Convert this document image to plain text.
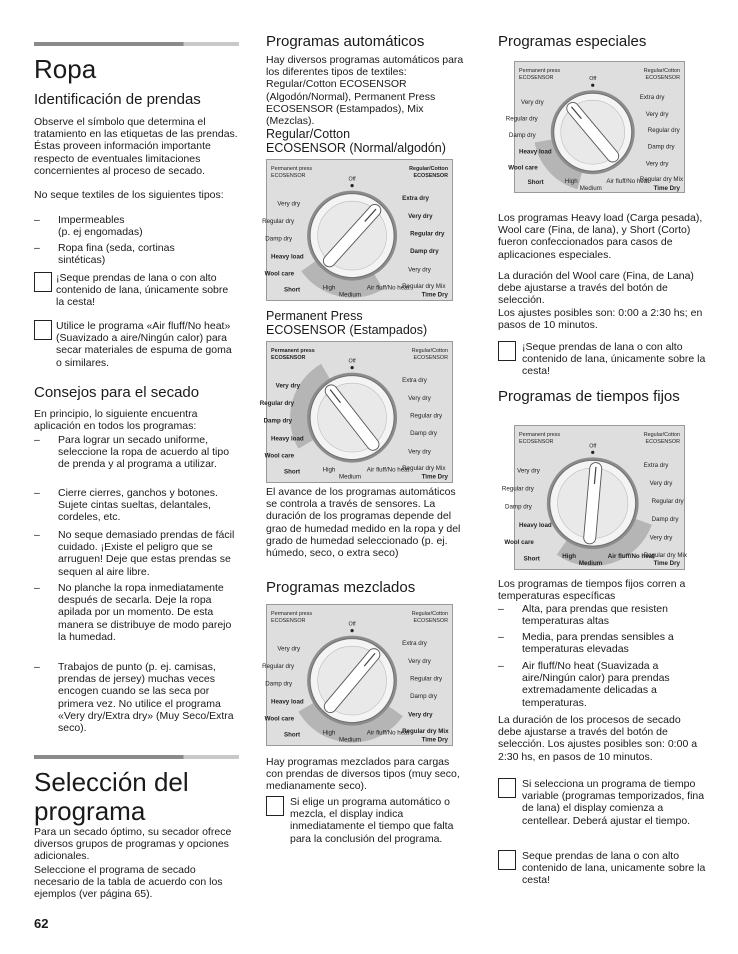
Ropa
Identificación de prendas

Observe el símbolo que determina el tratamiento en las etiquetas de las prendas. Éstas proveen información importante respecto de eventuales limitaciones concernientes al proceso de secado.

No seque textiles de los siguientes tipos:

– Impermeables
(p. ej engomadas)
– Ropa fina (seda, cortinas sintéticas)
¡Seque prendas de lana o con alto contenido de lana, únicamente sobre la cesta!
Utilice le programa «Air fluff/No heat» (Suavizado a aire/Ningún calor) para secar materiales de espuma de goma o similares.
Consejos para el secado

En principio, lo siguiente encuentra aplicación en todos los programas:

– Para lograr un secado uniforme, seleccione la ropa de acuerdo al tipo de prenda y al programa a utilizar.
– Cierre cierres, ganchos y botones. Sujete cintas sueltas, delantales, cordeles, etc.
– No seque demasiado prendas de fácil cuidado. ¡Existe el peligro que se arruguen! Deje que estas prendas se sequen al aire libre.
– No planche la ropa inmediatamente después de secarla. Deje la ropa apilada por un momento. De esta manera se distribuye de modo parejo la humedad.
– Trabajos de punto (p. ej. camisas, prendas de jersey) muchas veces encogen cuando se las seca por primera vez. No utilice el programa «Very dry/Extra dry» (Muy Seco/Extra seco).
Selección del
programa

Para un secado óptimo, su secador ofrece diversos grupos de programas y opciones adicionales.

Seleccione el programa de secado necesario de la tabla de acuerdo con los ejemplos (ver página 65).

Programas automáticos

Hay diversos programas automáticos para los diferentes tipos de textiles: Regular/Cotton ECOSENSOR (Algodón/Normal), Permanent Press ECOSENSOR (Estampados), Mix (Mezclas).

Regular/Cotton
ECOSENSOR (Normal/algodón)
Permanent press
ECOSENSOR
Regular/Cotton
ECOSENSOR
Off
Very dry
Regular dry
Damp dry
Heavy load
Wool care
Short
Extra dry
Very dry
Regular dry
Damp dry
Very dry
Regular dry Mix
High
Medium
Air fluff/No heat
Time Dry
Permanent Press
ECOSENSOR (Estampados)
Permanent press
ECOSENSOR
Regular/Cotton
ECOSENSOR
Off
Very dry
Regular dry
Damp dry
Heavy load
Wool care
Short
Extra dry
Very dry
Regular dry
Damp dry
Very dry
Regular dry Mix
High
Medium
Air fluff/No heat
Time Dry

El avance de los programas automáticos se controla a través de sensores. La duración de los programas depende del grao de humedad medido en la ropa y del grado de humedad seleccionado (p. ej. húmedo, seco, o extra seco)

Programas mezclados
Permanent press
ECOSENSOR
Regular/Cotton
ECOSENSOR
Off
Very dry
Regular dry
Damp dry
Heavy load
Wool care
Short
Extra dry
Very dry
Regular dry
Damp dry
Very dry
Regular dry Mix
High
Medium
Air fluff/No heat
Time Dry

Hay programas mezclados para cargas con prendas de diversos tipos (muy seco, medianamente seco).

Si elige un programa automático o mezcla, el display indica inmediatamente el tiempo que falta para la conclusión del programa.
Programas especiales
Permanent press
ECOSENSOR
Regular/Cotton
ECOSENSOR
Off
Very dry
Regular dry
Damp dry
Heavy load
Wool care
Short
Extra dry
Very dry
Regular dry
Damp dry
Very dry
Regular dry Mix
High
Medium
Air fluff/No heat
Time Dry

Los programas Heavy load (Carga pesada), Wool care (Fina, de lana), y Short (Corto) fueron confeccionados para casos de aplicaciones especiales.

La duración del Wool care (Fina, de Lana) debe ajustarse a través del botón de selección.

Los ajustes posibles son: 0:00 a 2:30 hs; en pasos de 10 minutos.

¡Seque prendas de lana o con alto contenido de lana, únicamente sobre la cesta!
Programas de tiempos fijos
Permanent press
ECOSENSOR
Regular/Cotton
ECOSENSOR
Off
Very dry
Regular dry
Damp dry
Heavy load
Wool care
Short
Extra dry
Very dry
Regular dry
Damp dry
Very dry
Regular dry Mix
High
Medium
Air fluff/No heat
Time Dry

Los programas de tiempos fijos corren a temperaturas específicas

– Alta, para prendas que resisten temperaturas altas
– Media, para prendas sensibles a temperaturas elevadas
– Air fluff/No heat (Suavizada a aire/Ningún calor) para prendas extremadamente delicadas a temperaturas.

La duración de los procesos de secado debe ajustarse a través del botón de selección. Los ajustes posibles son: 0:00 a 2:30 hs, en pasos de 10 minutos.

Si selecciona un programa de tiempo variable (programas temporizados, fina de lana) el display comienza a centellear. Deberá ajustar el tiempo.
Seque prendas de lana o con alto contenido de lana, unicamente sobre la cesta!
62
